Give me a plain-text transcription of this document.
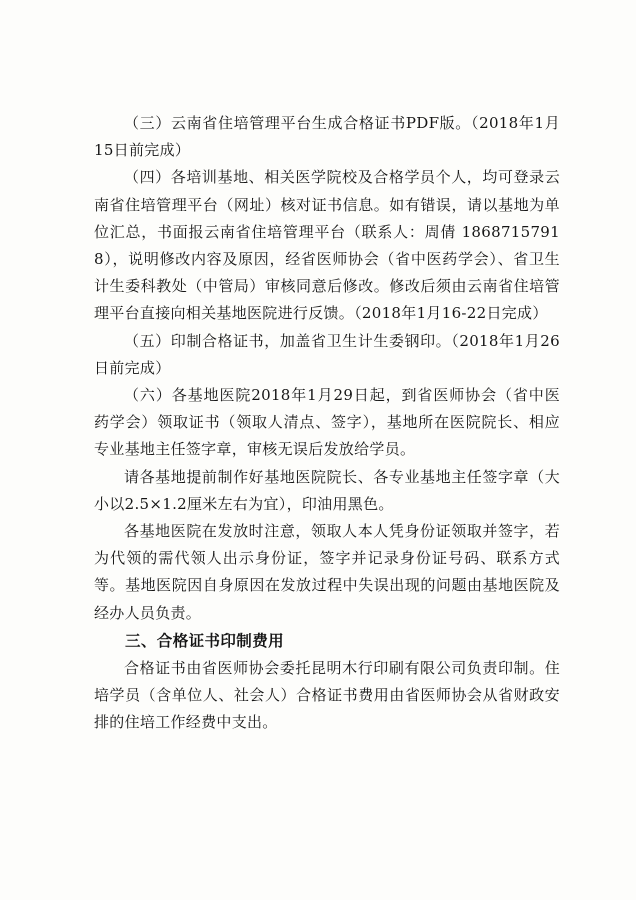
（三）云南省住培管理平台生成合格证书PDF版。（2018年1月15日前完成）

（四）各培训基地、相关医学院校及合格学员个人，均可登录云南省住培管理平台（网址）核对证书信息。如有错误，请以基地为单位汇总，书面报云南省住培管理平台（联系人：周倩 18687157918），说明修改内容及原因，经省医师协会（省中医药学会）、省卫生计生委科教处（中管局）审核同意后修改。修改后须由云南省住培管理平台直接向相关基地医院进行反馈。（2018年1月16-22日完成）

（五）印制合格证书，加盖省卫生计生委钢印。（2018年1月26日前完成）

（六）各基地医院2018年1月29日起，到省医师协会（省中医药学会）领取证书（领取人清点、签字），基地所在医院院长、相应专业基地主任签字章，审核无误后发放给学员。

请各基地提前制作好基地医院院长、各专业基地主任签字章（大小以2.5×1.2厘米左右为宜），印油用黑色。

各基地医院在发放时注意，领取人本人凭身份证领取并签字，若为代领的需代领人出示身份证，签字并记录身份证号码、联系方式等。基地医院因自身原因在发放过程中失误出现的问题由基地医院及经办人员负责。

三、合格证书印制费用

合格证书由省医师协会委托昆明木行印刷有限公司负责印制。住培学员（含单位人、社会人）合格证书费用由省医师协会从省财政安排的住培工作经费中支出。
